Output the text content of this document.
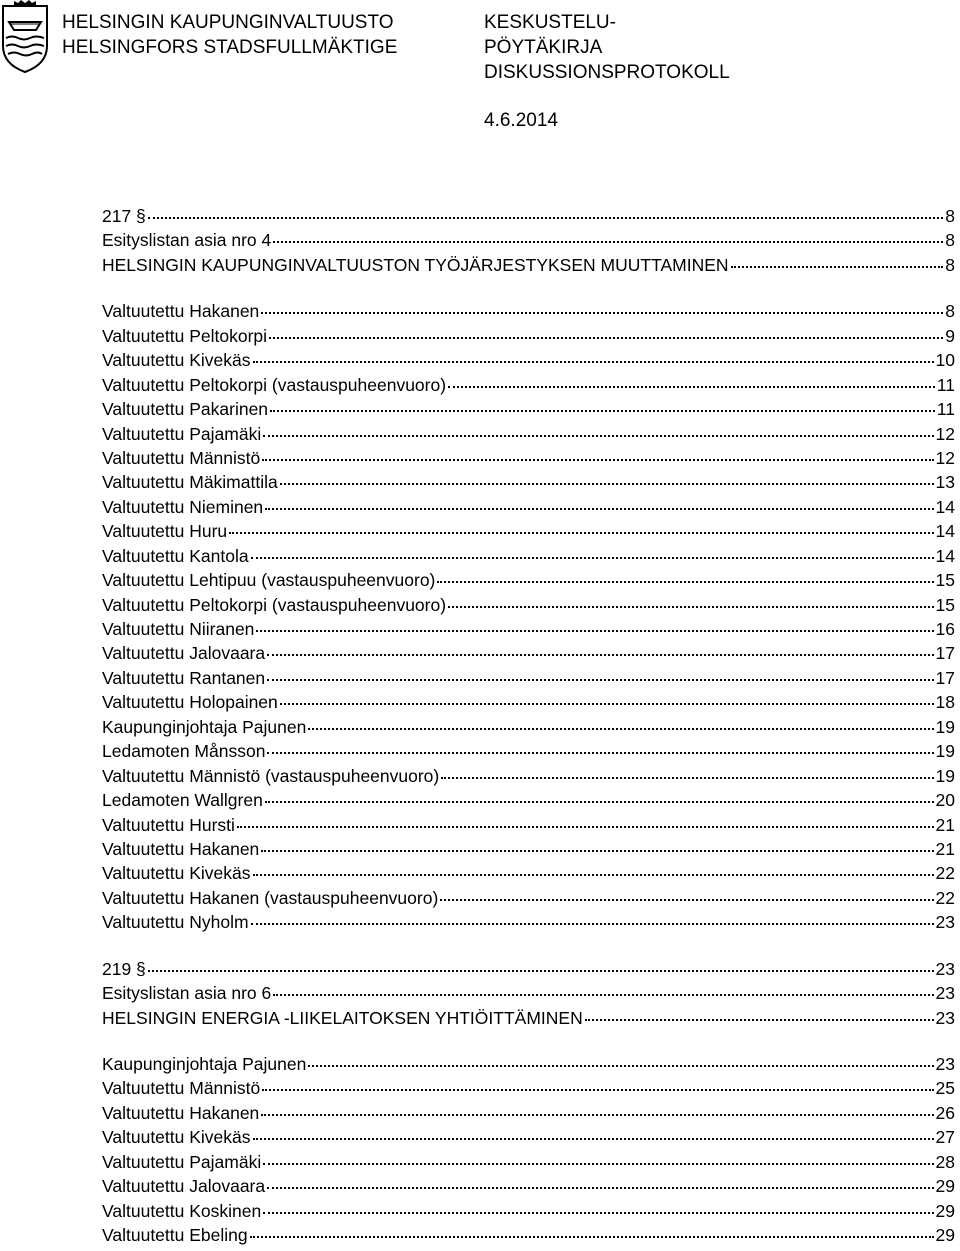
HELSINGIN KAUPUNGINVALTUUSTO
HELSINGFORS STADSFULLMÄKTIGE
KESKUSTELU-
PÖYTÄKIRJA
DISKUSSIONSPROTOKOLL
4.6.2014
217 §	8
Esityslistan asia nro 4	8
HELSINGIN KAUPUNGINVALTUUSTON TYÖJÄRJESTYKSEN MUUTTAMINEN	8
Valtuutettu Hakanen	8
Valtuutettu Peltokorpi	9
Valtuutettu Kivekäs	10
Valtuutettu Peltokorpi (vastauspuheenvuoro)	11
Valtuutettu Pakarinen	11
Valtuutettu Pajamäki	12
Valtuutettu Männistö	12
Valtuutettu Mäkimattila	13
Valtuutettu Nieminen	14
Valtuutettu Huru	14
Valtuutettu Kantola	14
Valtuutettu Lehtipuu (vastauspuheenvuoro)	15
Valtuutettu Peltokorpi (vastauspuheenvuoro)	15
Valtuutettu Niiranen	16
Valtuutettu Jalovaara	17
Valtuutettu Rantanen	17
Valtuutettu Holopainen	18
Kaupunginjohtaja Pajunen	19
Ledamoten Månsson	19
Valtuutettu Männistö (vastauspuheenvuoro)	19
Ledamoten Wallgren	20
Valtuutettu Hursti	21
Valtuutettu Hakanen	21
Valtuutettu Kivekäs	22
Valtuutettu Hakanen (vastauspuheenvuoro)	22
Valtuutettu Nyholm	23
219 §	23
Esityslistan asia nro 6	23
HELSINGIN ENERGIA -LIIKELAITOKSEN YHTIÖITTÄMINEN	23
Kaupunginjohtaja Pajunen	23
Valtuutettu Männistö	25
Valtuutettu Hakanen	26
Valtuutettu Kivekäs	27
Valtuutettu Pajamäki	28
Valtuutettu Jalovaara	29
Valtuutettu Koskinen	29
Valtuutettu Ebeling	29
